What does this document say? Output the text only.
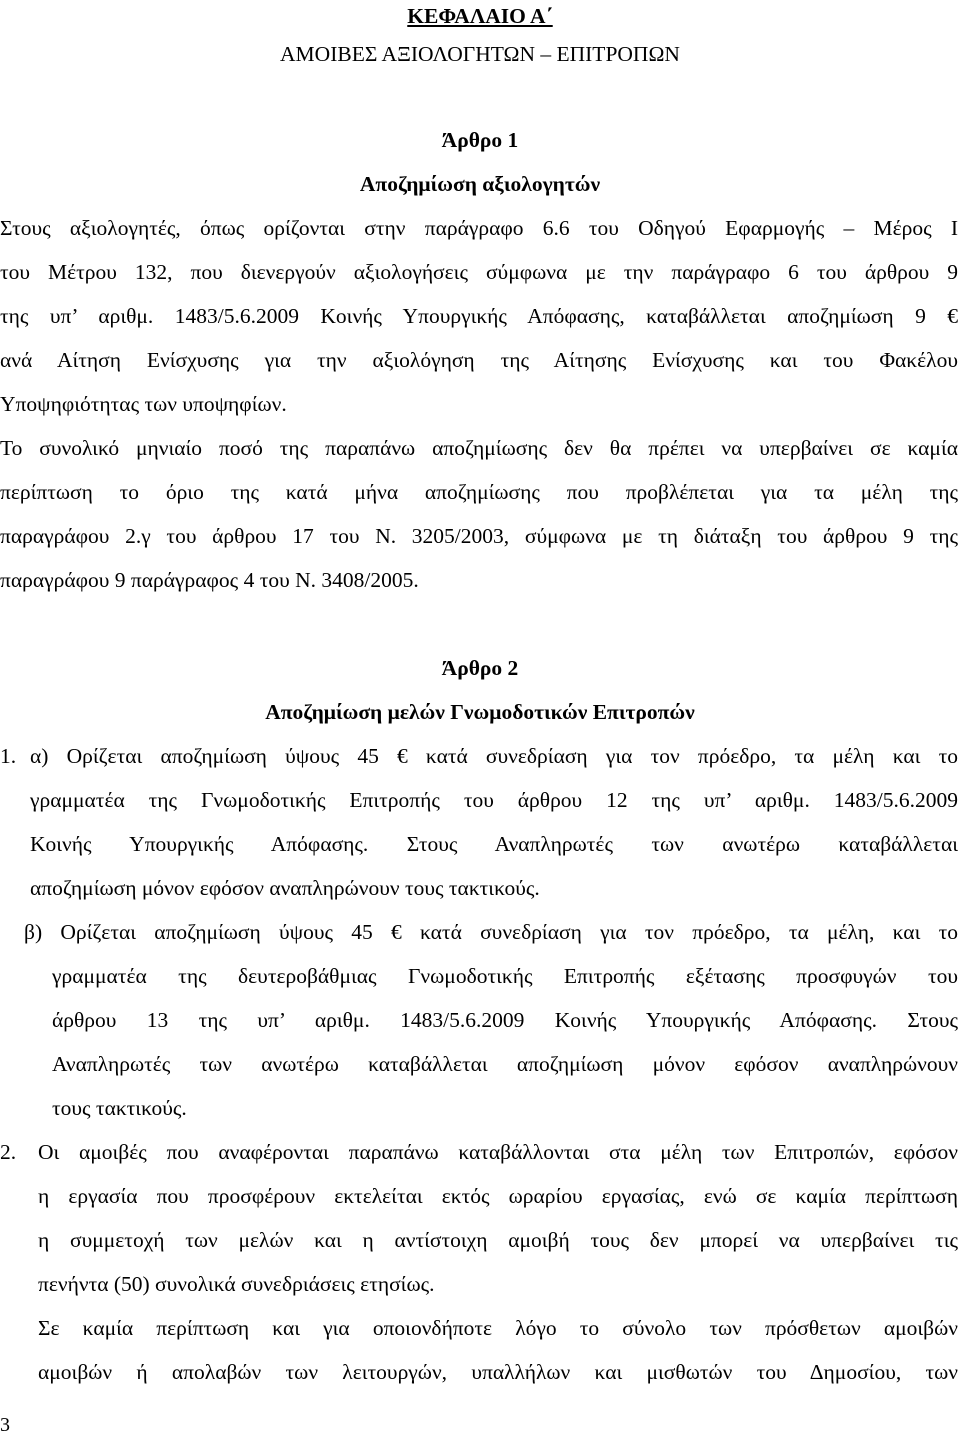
ΚΕΦΑΛΑΙΟ Α΄
ΑΜΟΙΒΕΣ ΑΞΙΟΛΟΓΗΤΩΝ – ΕΠΙΤΡΟΠΩΝ
Άρθρο 1
Αποζημίωση αξιολογητών
Στους αξιολογητές, όπως ορίζονται στην παράγραφο 6.6 του Οδηγού Εφαρμογής – Μέρος Ι
του Μέτρου 132, που διενεργούν αξιολογήσεις σύμφωνα με την παράγραφο 6 του άρθρου 9
της υπ’ αριθμ. 1483/5.6.2009 Κοινής Υπουργικής Απόφασης, καταβάλλεται αποζημίωση 9 €
ανά Αίτηση Ενίσχυσης για την αξιολόγηση της Αίτησης Ενίσχυσης και του Φακέλου
Υποψηφιότητας των υποψηφίων.
Το συνολικό μηνιαίο ποσό της παραπάνω αποζημίωσης δεν θα πρέπει να υπερβαίνει σε καμία
περίπτωση το όριο της κατά μήνα αποζημίωσης που προβλέπεται για τα μέλη της
παραγράφου 2.γ του άρθρου 17 του Ν. 3205/2003, σύμφωνα με τη διάταξη του άρθρου 9 της
παραγράφου 9 παράγραφος 4 του Ν. 3408/2005.
Άρθρο 2
Αποζημίωση μελών Γνωμοδοτικών Επιτροπών
1. α) Ορίζεται αποζημίωση ύψους 45 € κατά συνεδρίαση για τον πρόεδρο, τα μέλη και το
γραμματέα της Γνωμοδοτικής Επιτροπής του άρθρου 12 της υπ’ αριθμ. 1483/5.6.2009
Κοινής Υπουργικής Απόφασης. Στους Αναπληρωτές των ανωτέρω καταβάλλεται
αποζημίωση μόνον εφόσον αναπληρώνουν τους τακτικούς.
β) Ορίζεται αποζημίωση ύψους 45 € κατά συνεδρίαση για τον πρόεδρο, τα μέλη, και το
γραμματέα της δευτεροβάθμιας Γνωμοδοτικής Επιτροπής εξέτασης προσφυγών του
άρθρου 13 της υπ’ αριθμ. 1483/5.6.2009 Κοινής Υπουργικής Απόφασης. Στους
Αναπληρωτές των ανωτέρω καταβάλλεται αποζημίωση μόνον εφόσον αναπληρώνουν
τους τακτικούς.
2. Οι αμοιβές που αναφέρονται παραπάνω καταβάλλονται στα μέλη των Επιτροπών, εφόσον
η εργασία που προσφέρουν εκτελείται εκτός ωραρίου εργασίας, ενώ σε καμία περίπτωση
η συμμετοχή των μελών και η αντίστοιχη αμοιβή τους δεν μπορεί να υπερβαίνει τις
πενήντα (50) συνολικά συνεδριάσεις ετησίως.
Σε καμία περίπτωση και για οποιονδήποτε λόγο το σύνολο των πρόσθετων αμοιβών
αμοιβών ή απολαβών των λειτουργών, υπαλλήλων και μισθωτών του Δημοσίου, των
3
